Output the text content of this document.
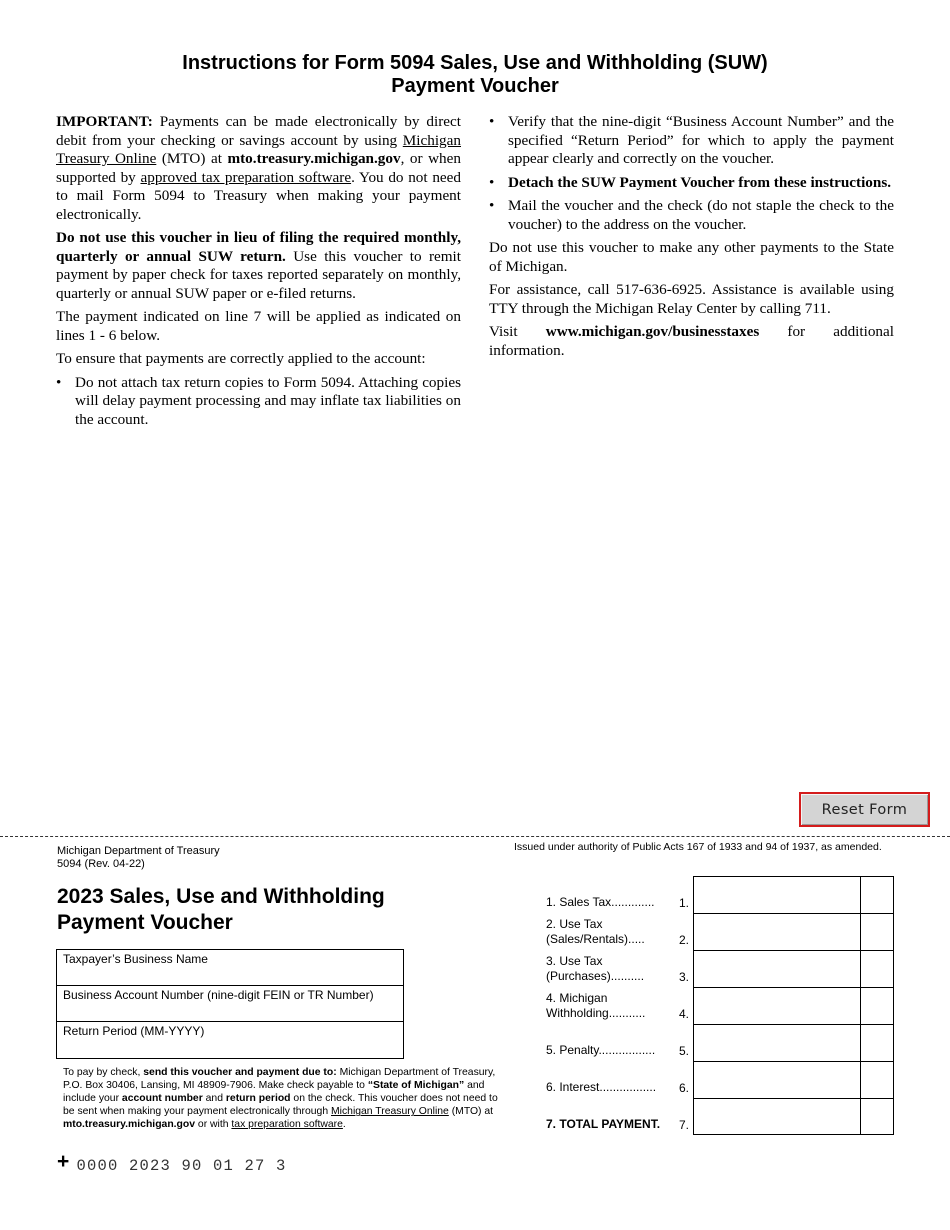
Instructions for Form 5094 Sales, Use and Withholding (SUW)
Payment Voucher

IMPORTANT: Payments can be made electronically by direct debit from your checking or savings account by using Michigan Treasury Online (MTO) at mto.treasury.michigan.gov, or when supported by approved tax preparation software. You do not need to mail Form 5094 to Treasury when making your payment electronically.

Do not use this voucher in lieu of filing the required monthly, quarterly or annual SUW return. Use this voucher to remit payment by paper check for taxes reported separately on monthly, quarterly or annual SUW paper or e-filed returns.

The payment indicated on line 7 will be applied as indicated on lines 1 - 6 below.

To ensure that payments are correctly applied to the account:

• Do not attach tax return copies to Form 5094. Attaching copies will delay payment processing and may inflate tax liabilities on the account.
• Verify that the nine-digit “Business Account Number” and the specified “Return Period” for which to apply the payment appear clearly and correctly on the voucher.
• Detach the SUW Payment Voucher from these instructions.
• Mail the voucher and the check (do not staple the check to the voucher) to the address on the voucher.

Do not use this voucher to make any other payments to the State of Michigan.

For assistance, call 517-636-6925. Assistance is available using TTY through the Michigan Relay Center by calling 711.

Visit www.michigan.gov/businesstaxes for additional information.

Reset Form
Michigan Department of Treasury
5094 (Rev. 04-22)
Issued under authority of Public Acts 167 of 1933 and 94 of 1937, as amended.
2023 Sales, Use and Withholding
Payment Voucher
Taxpayer’s Business Name
Business Account Number (nine-digit FEIN or TR Number)
Return Period (MM-YYYY)
To pay by check, send this voucher and payment due to: Michigan Department of Treasury, P.O. Box 30406, Lansing, MI 48909-7906. Make check payable to “State of Michigan” and include your account number and return period on the check. This voucher does not need to be sent when making your payment electronically through Michigan Treasury Online (MTO) at mto.treasury.michigan.gov or with tax preparation software.
+ 0000 2023 90 01 27 3
1. Sales Tax.............	1.
2. Use Tax
(Sales/Rentals).....	2.
3. Use Tax
(Purchases)..........	3.
4. Michigan
Withholding...........	4.
5. Penalty.................	5.
6. Interest.................	6.
7. TOTAL PAYMENT.	7.
